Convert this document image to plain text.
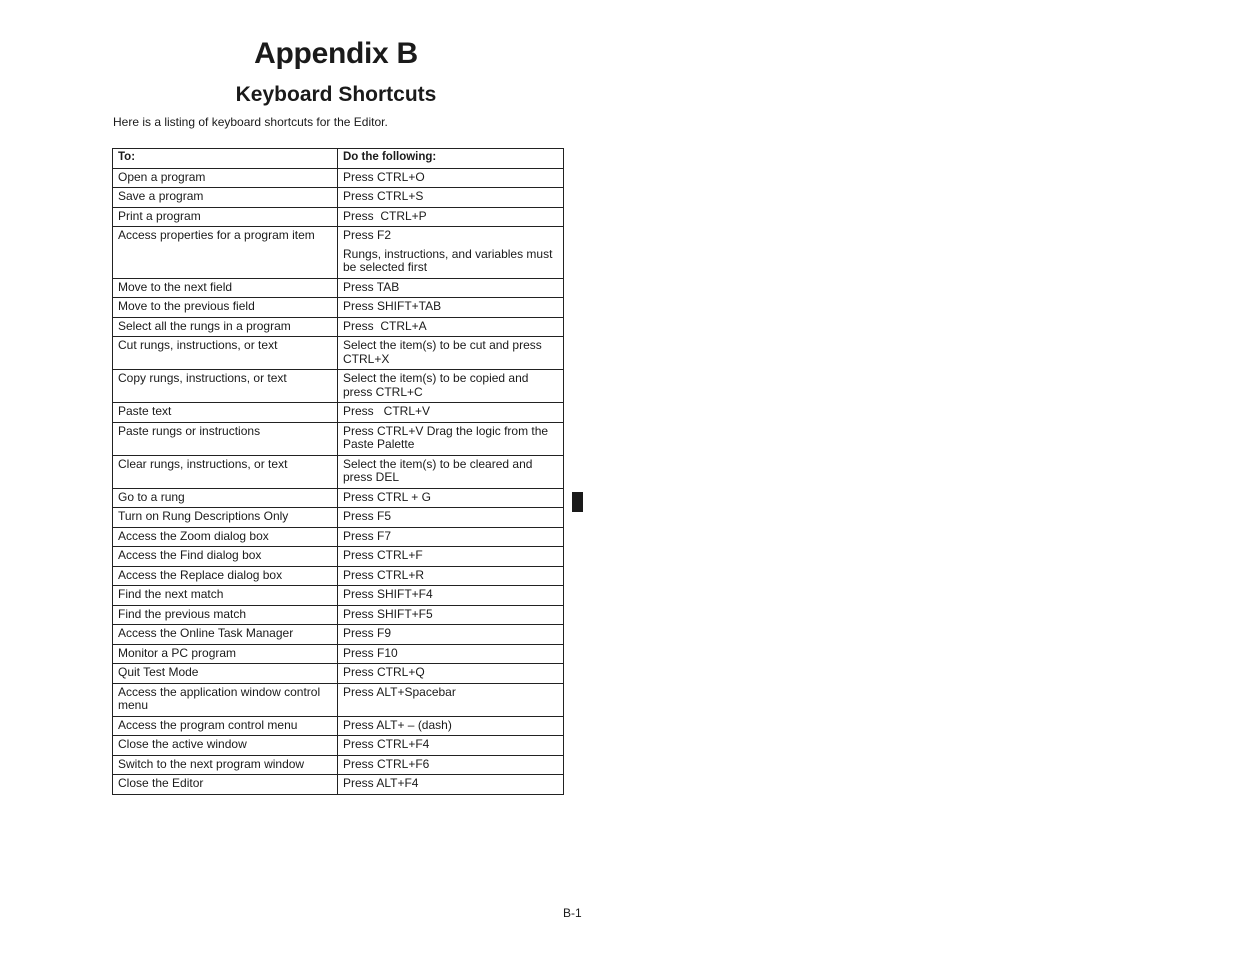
Appendix B
Keyboard Shortcuts

Here is a listing of keyboard shortcuts for the Editor.

To:	Do the following:
Open a program	Press CTRL+O
Save a program	Press CTRL+S
Print a program	Press  CTRL+P
Access properties for a program item	Press F2
Rungs, instructions, and variables must be selected first

Move to the next field	Press TAB
Move to the previous field	Press SHIFT+TAB
Select all the rungs in a program	Press  CTRL+A
Cut rungs, instructions, or text	Select the item(s) to be cut and press CTRL+X
Copy rungs, instructions, or text	Select the item(s) to be copied and press CTRL+C
Paste text	Press   CTRL+V
Paste rungs or instructions	Press CTRL+V Drag the logic from the Paste Palette
Clear rungs, instructions, or text	Select the item(s) to be cleared and press DEL
Go to a rung	Press CTRL + G
Turn on Rung Descriptions Only	Press F5
Access the Zoom dialog box	Press F7
Access the Find dialog box	Press CTRL+F
Access the Replace dialog box	Press CTRL+R
Find the next match	Press SHIFT+F4
Find the previous match	Press SHIFT+F5
Access the Online Task Manager	Press F9
Monitor a PC program	Press F10
Quit Test Mode	Press CTRL+Q
Access the application window control menu	Press ALT+Spacebar
Access the program control menu	Press ALT+ – (dash)
Close the active window	Press CTRL+F4
Switch to the next program window	Press CTRL+F6
Close the Editor	Press ALT+F4
B-1
